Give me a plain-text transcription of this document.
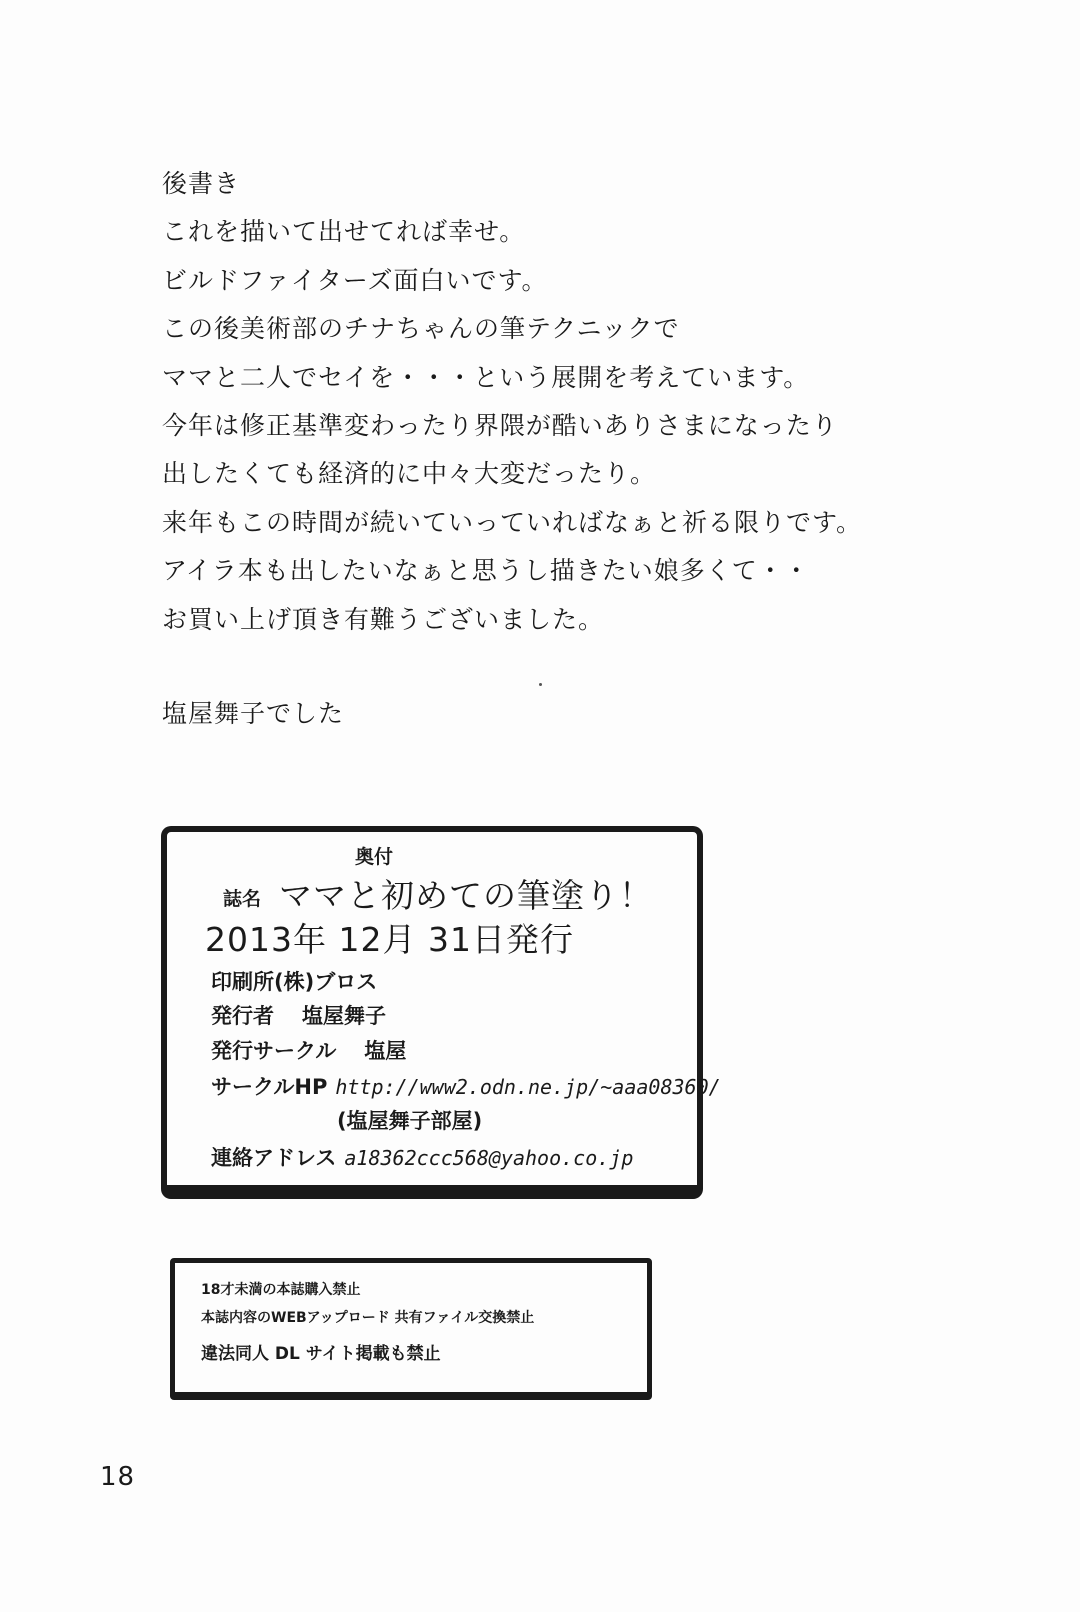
後書き
これを描いて出せてれば幸せ。
ビルドファイターズ面白いです。
この後美術部のチナちゃんの筆テクニックで
ママと二人でセイを・・・という展開を考えています。
今年は修正基準変わったり界隈が酷いありさまになったり
出したくても経済的に中々大変だったり。
来年もこの時間が続いていっていればなぁと祈る限りです。
アイラ本も出したいなぁと思うし描きたい娘多くて・・
お買い上げ頂き有難うございました。
塩屋舞子でした
奥付
誌名 ママと初めての筆塗り！
2013年 12月 31日発行
印刷所(株)ブロス
発行者 塩屋舞子
発行サークル 塩屋
サークルHP http://www2.odn.ne.jp/~aaa08360/
(塩屋舞子部屋)
連絡アドレス a18362ccc568@yahoo.co.jp
18才未満の本誌購入禁止
本誌内容のWEBアップロード 共有ファイル交換禁止
違法同人 DL サイト掲載も禁止
18
